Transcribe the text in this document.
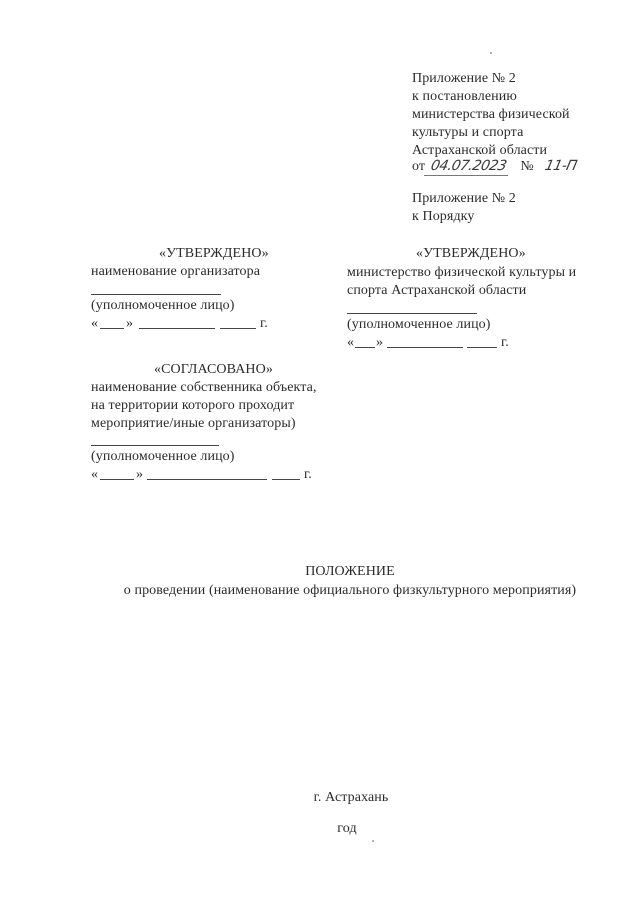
Приложение № 2
к постановлению
министерства физической
культуры и спорта
Астраханской области
от 04.07.2023 № 11-П
Приложение № 2
к Порядку
«УТВЕРЖДЕНО»
наименование организатора
(уполномоченное лицо)
« »	г.
«УТВЕРЖДЕНО»
министерство физической культуры и
спорта Астраханской области
(уполномоченное лицо)
« »	г.
«СОГЛАСОВАНО»
наименование собственника объекта,
на территории которого проходит
мероприятие/иные организаторы)
(уполномоченное лицо)
«	»	г.
ПОЛОЖЕНИЕ
о проведении (наименование официального физкультурного мероприятия)
г. Астрахань
год
